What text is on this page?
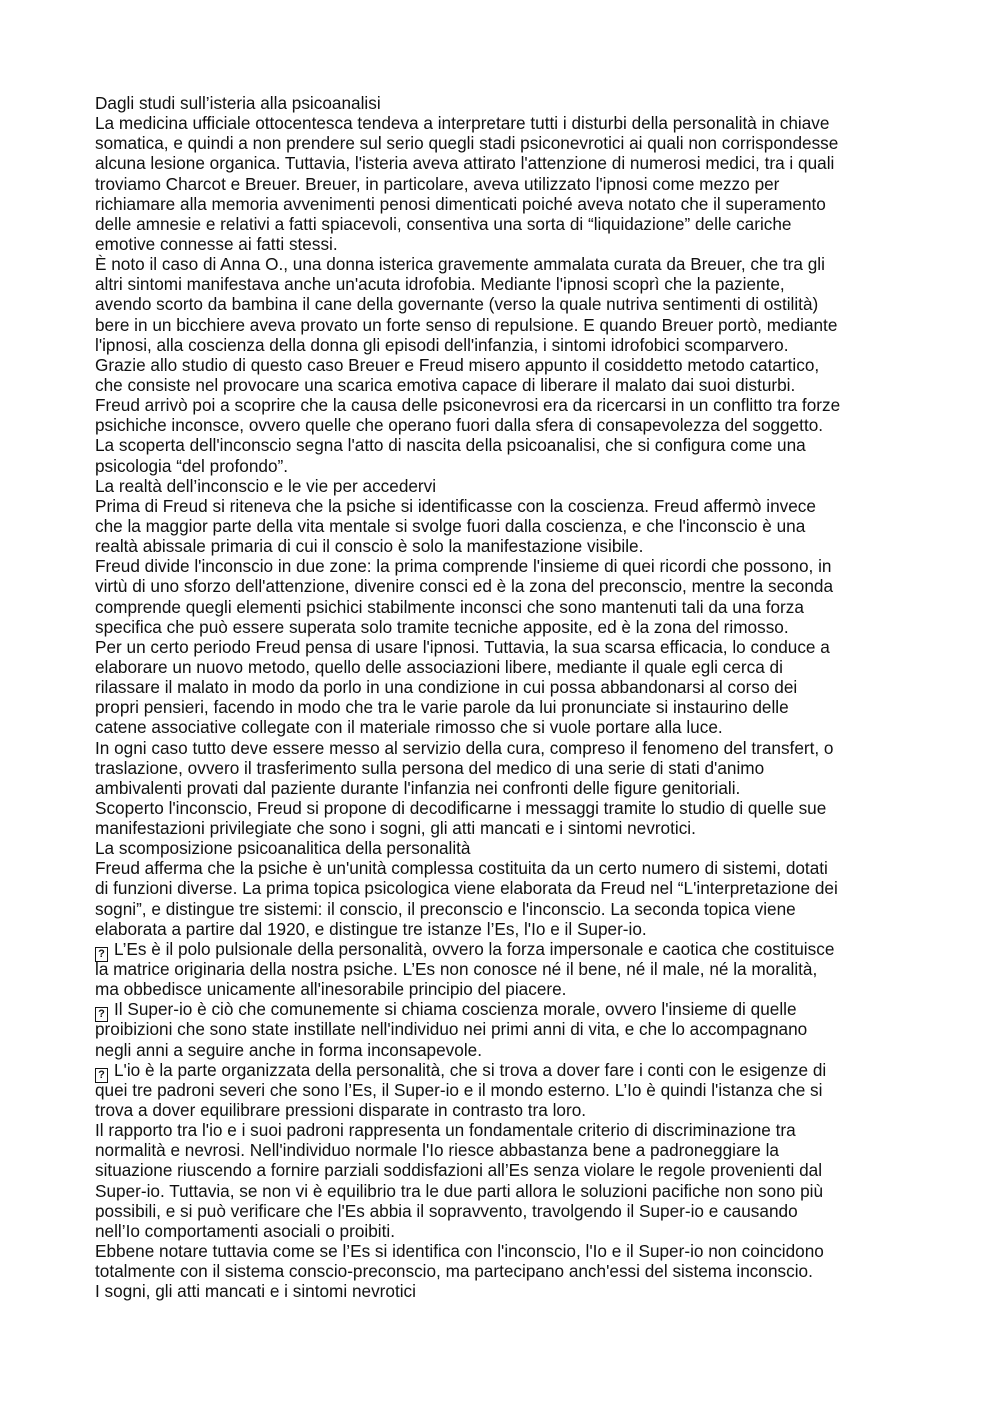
Dagli studi sull’isteria alla psicoanalisi
La medicina ufficiale ottocentesca tendeva a interpretare tutti i disturbi della personalità in chiave
somatica, e quindi a non prendere sul serio quegli stadi psiconevrotici ai quali non corrispondesse
alcuna lesione organica. Tuttavia, l'isteria aveva attirato l'attenzione di numerosi medici, tra i quali
troviamo Charcot e Breuer. Breuer, in particolare, aveva utilizzato l'ipnosi come mezzo per
richiamare alla memoria avvenimenti penosi dimenticati poiché aveva notato che il superamento
delle amnesie e relativi a fatti spiacevoli, consentiva una sorta di “liquidazione” delle cariche
emotive connesse ai fatti stessi.
È noto il caso di Anna O., una donna isterica gravemente ammalata curata da Breuer, che tra gli
altri sintomi manifestava anche un'acuta idrofobia. Mediante l'ipnosi scoprì che la paziente,
avendo scorto da bambina il cane della governante (verso la quale nutriva sentimenti di ostilità)
bere in un bicchiere aveva provato un forte senso di repulsione. E quando Breuer portò, mediante
l'ipnosi, alla coscienza della donna gli episodi dell'infanzia, i sintomi idrofobici scomparvero.
Grazie allo studio di questo caso Breuer e Freud misero appunto il cosiddetto metodo catartico,
che consiste nel provocare una scarica emotiva capace di liberare il malato dai suoi disturbi.
Freud arrivò poi a scoprire che la causa delle psiconevrosi era da ricercarsi in un conflitto tra forze
psichiche inconsce, ovvero quelle che operano fuori dalla sfera di consapevolezza del soggetto.
La scoperta dell'inconscio segna l'atto di nascita della psicoanalisi, che si configura come una
psicologia “del profondo”.
La realtà dell’inconscio e le vie per accedervi
Prima di Freud si riteneva che la psiche si identificasse con la coscienza. Freud affermò invece
che la maggior parte della vita mentale si svolge fuori dalla coscienza, e che l'inconscio è una
realtà abissale primaria di cui il conscio è solo la manifestazione visibile.
Freud divide l'inconscio in due zone: la prima comprende l'insieme di quei ricordi che possono, in
virtù di uno sforzo dell'attenzione, divenire consci ed è la zona del preconscio, mentre la seconda
comprende quegli elementi psichici stabilmente inconsci che sono mantenuti tali da una forza
specifica che può essere superata solo tramite tecniche apposite, ed è la zona del rimosso.
Per un certo periodo Freud pensa di usare l'ipnosi. Tuttavia, la sua scarsa efficacia, lo conduce a
elaborare un nuovo metodo, quello delle associazioni libere, mediante il quale egli cerca di
rilassare il malato in modo da porlo in una condizione in cui possa abbandonarsi al corso dei
propri pensieri, facendo in modo che tra le varie parole da lui pronunciate si instaurino delle
catene associative collegate con il materiale rimosso che si vuole portare alla luce.
In ogni caso tutto deve essere messo al servizio della cura, compreso il fenomeno del transfert, o
traslazione, ovvero il trasferimento sulla persona del medico di una serie di stati d'animo
ambivalenti provati dal paziente durante l'infanzia nei confronti delle figure genitoriali.
Scoperto l'inconscio, Freud si propone di decodificarne i messaggi tramite lo studio di quelle sue
manifestazioni privilegiate che sono i sogni, gli atti mancati e i sintomi nevrotici.
La scomposizione psicoanalitica della personalità
Freud afferma che la psiche è un'unità complessa costituita da un certo numero di sistemi, dotati
di funzioni diverse. La prima topica psicologica viene elaborata da Freud nel “L'interpretazione dei
sogni”, e distingue tre sistemi: il conscio, il preconscio e l'inconscio. La seconda topica viene
elaborata a partire dal 1920, e distingue tre istanze l’Es, l'Io e il Super-io.
? L’Es è il polo pulsionale della personalità, ovvero la forza impersonale e caotica che costituisce
la matrice originaria della nostra psiche. L’Es non conosce né il bene, né il male, né la moralità,
ma obbedisce unicamente all'inesorabile principio del piacere.
? Il Super-io è ciò che comunemente si chiama coscienza morale, ovvero l'insieme di quelle
proibizioni che sono state instillate nell'individuo nei primi anni di vita, e che lo accompagnano
negli anni a seguire anche in forma inconsapevole.
? L'io è la parte organizzata della personalità, che si trova a dover fare i conti con le esigenze di
quei tre padroni severi che sono l’Es, il Super-io e il mondo esterno. L’Io è quindi l'istanza che si
trova a dover equilibrare pressioni disparate in contrasto tra loro.
Il rapporto tra l'io e i suoi padroni rappresenta un fondamentale criterio di discriminazione tra
normalità e nevrosi. Nell'individuo normale l'Io riesce abbastanza bene a padroneggiare la
situazione riuscendo a fornire parziali soddisfazioni all’Es senza violare le regole provenienti dal
Super-io. Tuttavia, se non vi è equilibrio tra le due parti allora le soluzioni pacifiche non sono più
possibili, e si può verificare che l'Es abbia il sopravvento, travolgendo il Super-io e causando
nell’Io comportamenti asociali o proibiti.
Ebbene notare tuttavia come se l’Es si identifica con l'inconscio, l'Io e il Super-io non coincidono
totalmente con il sistema conscio-preconscio, ma partecipano anch'essi del sistema inconscio.
I sogni, gli atti mancati e i sintomi nevrotici
